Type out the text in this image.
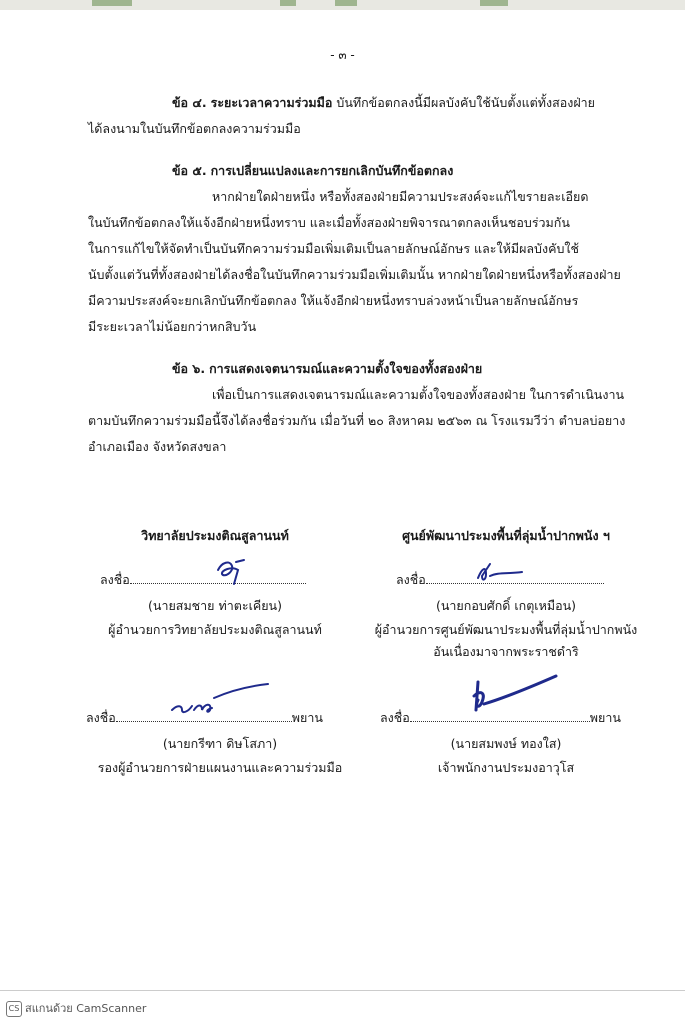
- ๓ -
ข้อ ๔. ระยะเวลาความร่วมมือ บันทึกข้อตกลงนี้มีผลบังคับใช้นับตั้งแต่ทั้งสองฝ่าย
ได้ลงนามในบันทึกข้อตกลงความร่วมมือ
ข้อ ๕. การเปลี่ยนแปลงและการยกเลิกบันทึกข้อตกลง
หากฝ่ายใดฝ่ายหนึ่ง หรือทั้งสองฝ่ายมีความประสงค์จะแก้ไขรายละเอียด
ในบันทึกข้อตกลงให้แจ้งอีกฝ่ายหนึ่งทราบ และเมื่อทั้งสองฝ่ายพิจารณาตกลงเห็นชอบร่วมกัน
ในการแก้ไขให้จัดทำเป็นบันทึกความร่วมมือเพิ่มเติมเป็นลายลักษณ์อักษร และให้มีผลบังคับใช้
นับตั้งแต่วันที่ทั้งสองฝ่ายได้ลงชื่อในบันทึกความร่วมมือเพิ่มเติมนั้น หากฝ่ายใดฝ่ายหนึ่งหรือทั้งสองฝ่าย
มีความประสงค์จะยกเลิกบันทึกข้อตกลง ให้แจ้งอีกฝ่ายหนึ่งทราบล่วงหน้าเป็นลายลักษณ์อักษร
มีระยะเวลาไม่น้อยกว่าหกสิบวัน
ข้อ ๖. การแสดงเจตนารมณ์และความตั้งใจของทั้งสองฝ่าย
เพื่อเป็นการแสดงเจตนารมณ์และความตั้งใจของทั้งสองฝ่าย ในการดำเนินงาน
ตามบันทึกความร่วมมือนี้จึงได้ลงชื่อร่วมกัน เมื่อวันที่ ๒๐ สิงหาคม ๒๕๖๓ ณ โรงแรมวีว่า ตำบลบ่อยาง
อำเภอเมือง จังหวัดสงขลา
วิทยาลัยประมงติณสูลานนท์
ลงชื่อ
(นายสมชาย ท่าตะเคียน)
ผู้อำนวยการวิทยาลัยประมงติณสูลานนท์
ศูนย์พัฒนาประมงพื้นที่ลุ่มน้ำปากพนัง ฯ
ลงชื่อ
(นายกอบศักดิ์ เกตุเหมือน)
ผู้อำนวยการศูนย์พัฒนาประมงพื้นที่ลุ่มน้ำปากพนัง
อันเนื่องมาจากพระราชดำริ
ลงชื่อ	พยาน
(นายกรีฑา ดิษโสภา)
รองผู้อำนวยการฝ่ายแผนงานและความร่วมมือ
ลงชื่อ	พยาน
(นายสมพงษ์ ทองใส)
เจ้าพนักงานประมงอาวุโส
CS สแกนด้วย CamScanner
